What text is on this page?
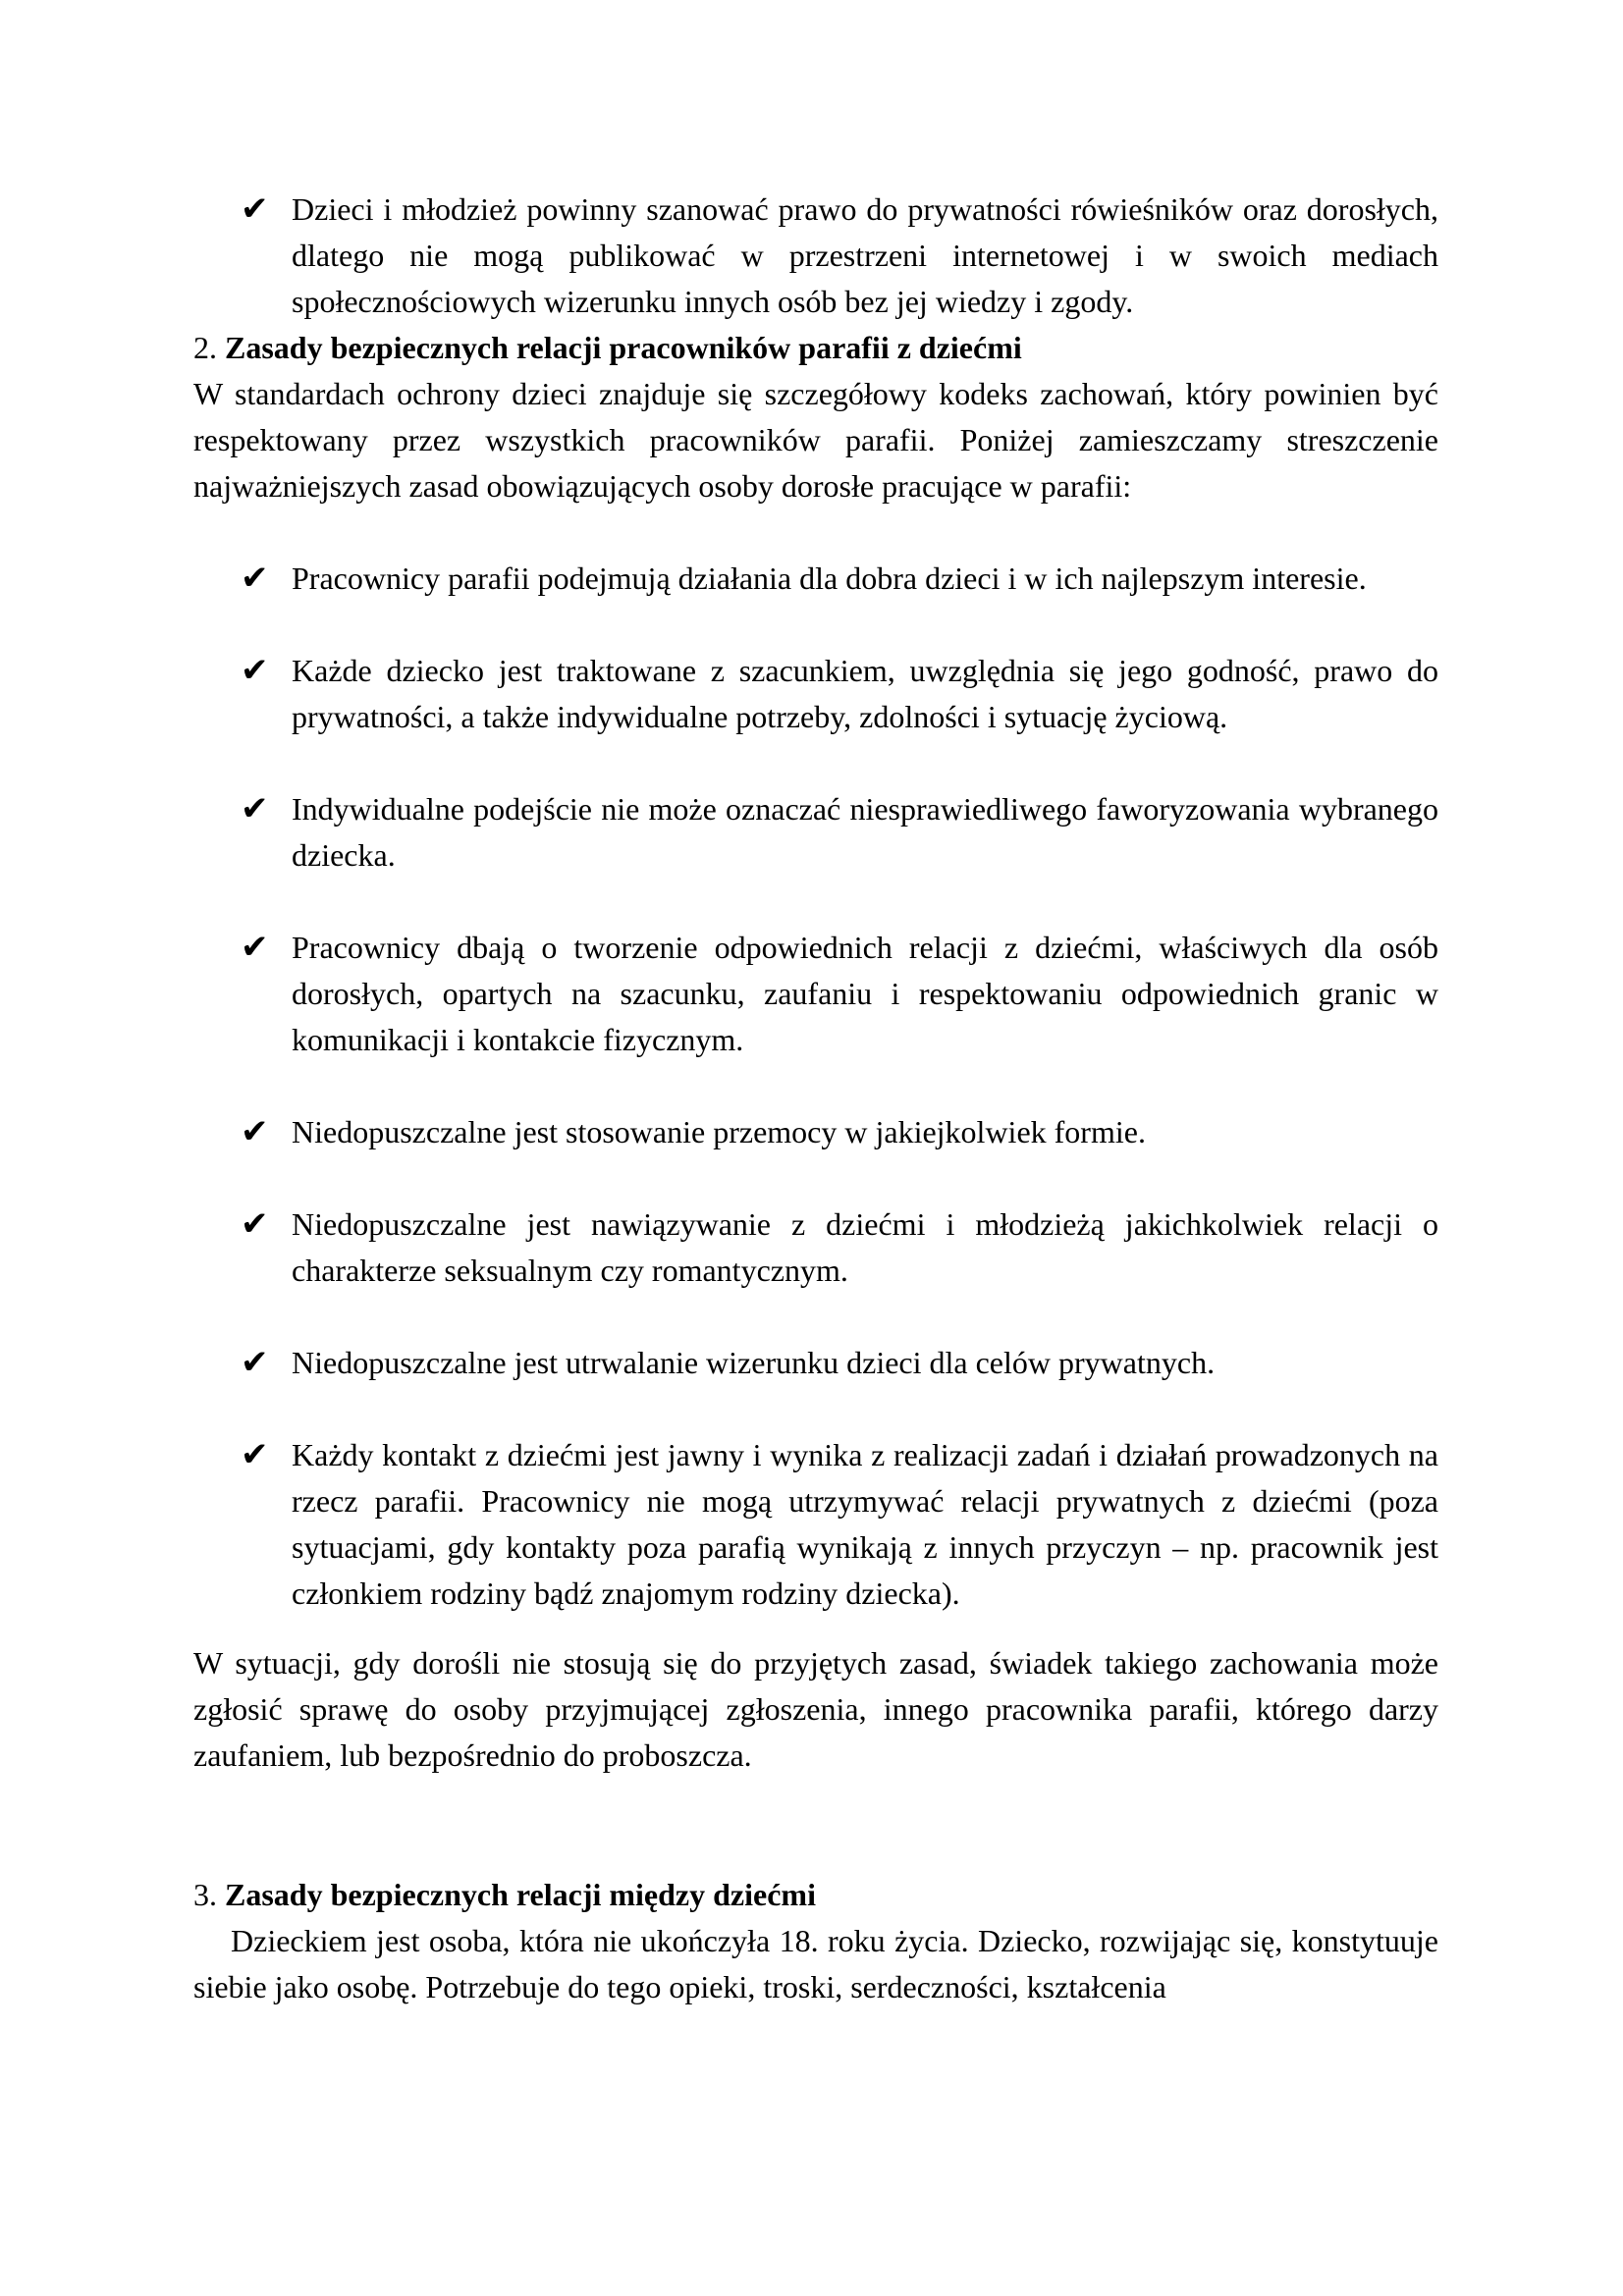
✔ Dzieci i młodzież powinny szanować prawo do prywatności rówieśników oraz dorosłych, dlatego nie mogą publikować w przestrzeni internetowej i w swoich mediach społecznościowych wizerunku innych osób bez jej wiedzy i zgody.
2. Zasady bezpiecznych relacji pracowników parafii z dziećmi

W standardach ochrony dzieci znajduje się szczegółowy kodeks zachowań, który powinien być respektowany przez wszystkich pracowników parafii. Poniżej zamieszczamy streszczenie najważniejszych zasad obowiązujących osoby dorosłe pracujące w parafii:

✔ Pracownicy parafii podejmują działania dla dobra dzieci i w ich najlepszym interesie.
✔ Każde dziecko jest traktowane z szacunkiem, uwzględnia się jego godność, prawo do prywatności, a także indywidualne potrzeby, zdolności i sytuację życiową.
✔ Indywidualne podejście nie może oznaczać niesprawiedliwego faworyzowania wybranego dziecka.
✔ Pracownicy dbają o tworzenie odpowiednich relacji z dziećmi, właściwych dla osób dorosłych, opartych na szacunku, zaufaniu i respektowaniu odpowiednich granic w komunikacji i kontakcie fizycznym.
✔ Niedopuszczalne jest stosowanie przemocy w jakiejkolwiek formie.
✔ Niedopuszczalne jest nawiązywanie z dziećmi i młodzieżą jakichkolwiek relacji o charakterze seksualnym czy romantycznym.
✔ Niedopuszczalne jest utrwalanie wizerunku dzieci dla celów prywatnych.
✔ Każdy kontakt z dziećmi jest jawny i wynika z realizacji zadań i działań prowadzonych na rzecz parafii. Pracownicy nie mogą utrzymywać relacji prywatnych z dziećmi (poza sytuacjami, gdy kontakty poza parafią wynikają z innych przyczyn – np. pracownik jest członkiem rodziny bądź znajomym rodziny dziecka).

W sytuacji, gdy dorośli nie stosują się do przyjętych zasad, świadek takiego zachowania może zgłosić sprawę do osoby przyjmującej zgłoszenia, innego pracownika parafii, którego darzy zaufaniem, lub bezpośrednio do proboszcza.

3. Zasady bezpiecznych relacji między dziećmi

Dzieckiem jest osoba, która nie ukończyła 18. roku życia. Dziecko, rozwijając się, konstytuuje siebie jako osobę. Potrzebuje do tego opieki, troski, serdeczności, kształcenia
